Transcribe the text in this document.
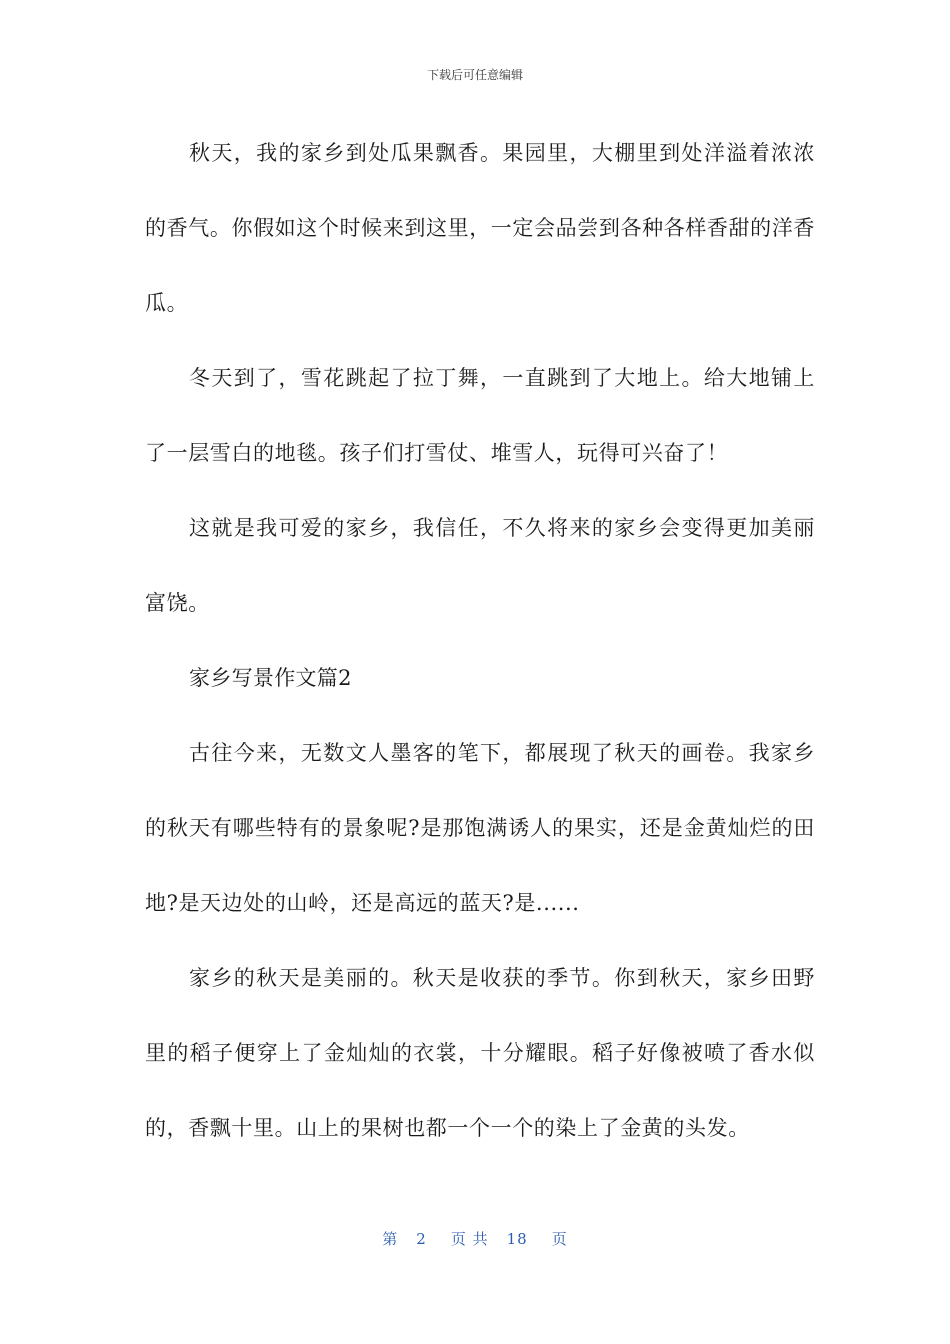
下载后可任意编辑

秋天，我的家乡到处瓜果飘香。果园里，大棚里到处洋溢着浓浓的香气。你假如这个时候来到这里，一定会品尝到各种各样香甜的洋香瓜。

冬天到了，雪花跳起了拉丁舞，一直跳到了大地上。给大地铺上了一层雪白的地毯。孩子们打雪仗、堆雪人，玩得可兴奋了！

这就是我可爱的家乡，我信任，不久将来的家乡会变得更加美丽富饶。

家乡写景作文篇2

古往今来，无数文人墨客的笔下，都展现了秋天的画卷。我家乡的秋天有哪些特有的景象呢?是那饱满诱人的果实，还是金黄灿烂的田地?是天边处的山岭，还是高远的蓝天?是......

家乡的秋天是美丽的。秋天是收获的季节。你到秋天，家乡田野里的稻子便穿上了金灿灿的衣裳，十分耀眼。稻子好像被喷了香水似的，香飘十里。山上的果树也都一个一个的染上了金黄的头发。

第 2 页 共 18 页
